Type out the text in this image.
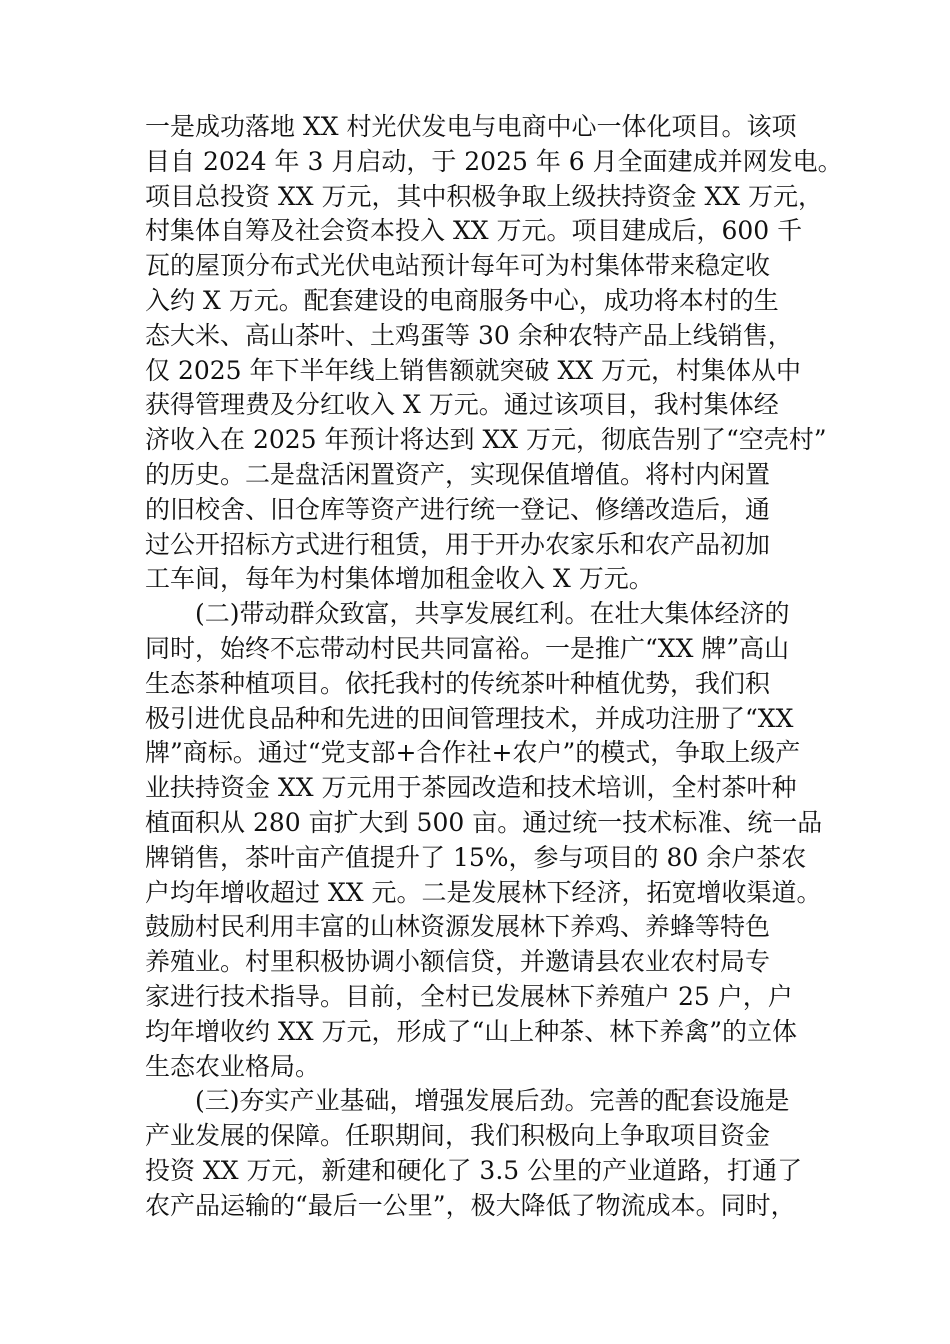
一是成功落地 XX 村光伏发电与电商中心一体化项目。该项
目自 2024 年 3 月启动，于 2025 年 6 月全面建成并网发电。
项目总投资 XX 万元，其中积极争取上级扶持资金 XX 万元，
村集体自筹及社会资本投入 XX 万元。项目建成后，600 千
瓦的屋顶分布式光伏电站预计每年可为村集体带来稳定收
入约 X 万元。配套建设的电商服务中心，成功将本村的生
态大米、高山茶叶、土鸡蛋等 30 余种农特产品上线销售，
仅 2025 年下半年线上销售额就突破 XX 万元，村集体从中
获得管理费及分红收入 X 万元。通过该项目，我村集体经
济收入在 2025 年预计将达到 XX 万元，彻底告别了“空壳村”
的历史。二是盘活闲置资产，实现保值增值。将村内闲置
的旧校舍、旧仓库等资产进行统一登记、修缮改造后，通
过公开招标方式进行租赁，用于开办农家乐和农产品初加
工车间，每年为村集体增加租金收入 X 万元。
(二)带动群众致富，共享发展红利。在壮大集体经济的
同时，始终不忘带动村民共同富裕。一是推广“XX 牌”高山
生态茶种植项目。依托我村的传统茶叶种植优势，我们积
极引进优良品种和先进的田间管理技术，并成功注册了“XX
牌”商标。通过“党支部+合作社+农户”的模式，争取上级产
业扶持资金 XX 万元用于茶园改造和技术培训，全村茶叶种
植面积从 280 亩扩大到 500 亩。通过统一技术标准、统一品
牌销售，茶叶亩产值提升了 15%，参与项目的 80 余户茶农
户均年增收超过 XX 元。二是发展林下经济，拓宽增收渠道。
鼓励村民利用丰富的山林资源发展林下养鸡、养蜂等特色
养殖业。村里积极协调小额信贷，并邀请县农业农村局专
家进行技术指导。目前，全村已发展林下养殖户 25 户，户
均年增收约 XX 万元，形成了“山上种茶、林下养禽”的立体
生态农业格局。
(三)夯实产业基础，增强发展后劲。完善的配套设施是
产业发展的保障。任职期间，我们积极向上争取项目资金
投资 XX 万元，新建和硬化了 3.5 公里的产业道路，打通了
农产品运输的“最后一公里”，极大降低了物流成本。同时，
